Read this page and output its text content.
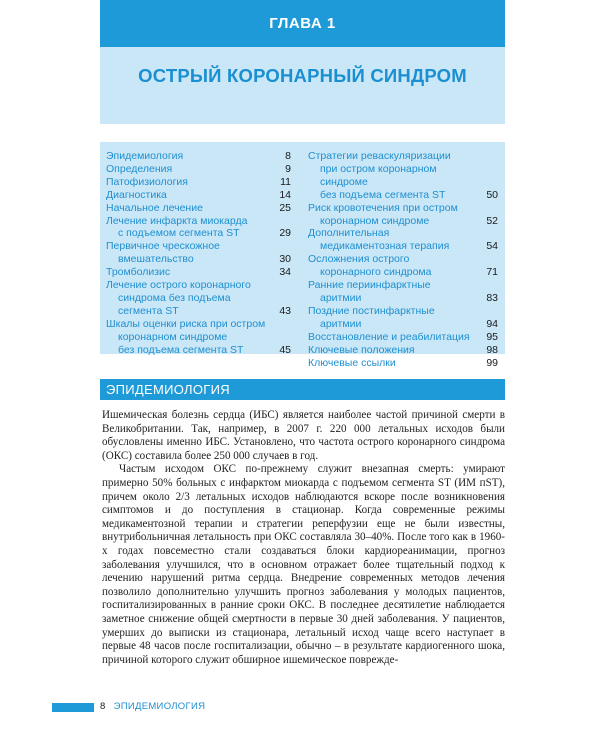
ГЛАВА 1
ОСТРЫЙ КОРОНАРНЫЙ СИНДРОМ
Эпидемиология	8
Определения	9
Патофизиология	11
Диагностика	14
Начальное лечение	25
Лечение инфаркта миокарда
с подъемом сегмента ST	29
Первичное чрескожное
вмешательство	30
Тромболизис	34
Лечение острого коронарного
синдрома без подъема
сегмента ST	43
Шкалы оценки риска при остром
коронарном синдроме
без подъема сегмента ST	45
Стратегии реваскуляризации
при остром коронарном синдроме
без подъема сегмента ST	50
Риск кровотечения при остром
коронарном синдроме	52
Дополнительная
медикаментозная терапия	54
Осложнения острого
коронарного синдрома	71
Ранние периинфарктные
аритмии	83
Поздние постинфарктные
аритмии	94
Восстановление и реабилитация	95
Ключевые положения	98
Ключевые ссылки	99
ЭПИДЕМИОЛОГИЯ

Ишемическая болезнь сердца (ИБС) является наиболее частой причиной смерти в Великобритании. Так, например, в 2007 г. 220 000 летальных исходов были обусловлены именно ИБС. Установлено, что частота острого коронарного синдрома (ОКС) составила более 250 000 случаев в год.

Частым исходом ОКС по-прежнему служит внезапная смерть: умирают примерно 50% больных с инфарктом миокарда с подъемом сегмента ST (ИМ пST), причем около 2/3 летальных исходов наблюдаются вскоре после возникновения симптомов и до поступления в стационар. Когда современные режимы медикаментозной терапии и стратегии реперфузии еще не были известны, внутрибольничная летальность при ОКС составляла 30–40%. После того как в 1960-х годах повсеместно стали создаваться блоки кардиореанимации, прогноз заболевания улучшился, что в основном отражает более тщательный подход к лечению нарушений ритма сердца. Внедрение современных методов лечения позволило дополнительно улучшить прогноз заболевания у молодых пациентов, госпитализированных в ранние сроки ОКС. В последнее десятилетие наблюдается заметное снижение общей смертности в первые 30 дней заболевания. У пациентов, умерших до выписки из стационара, летальный исход чаще всего наступает в первые 48 часов после госпитализации, обычно – в результате кардиогенного шока, причиной которого служит обширное ишемическое поврежде-

8 ЭПИДЕМИОЛОГИЯ
